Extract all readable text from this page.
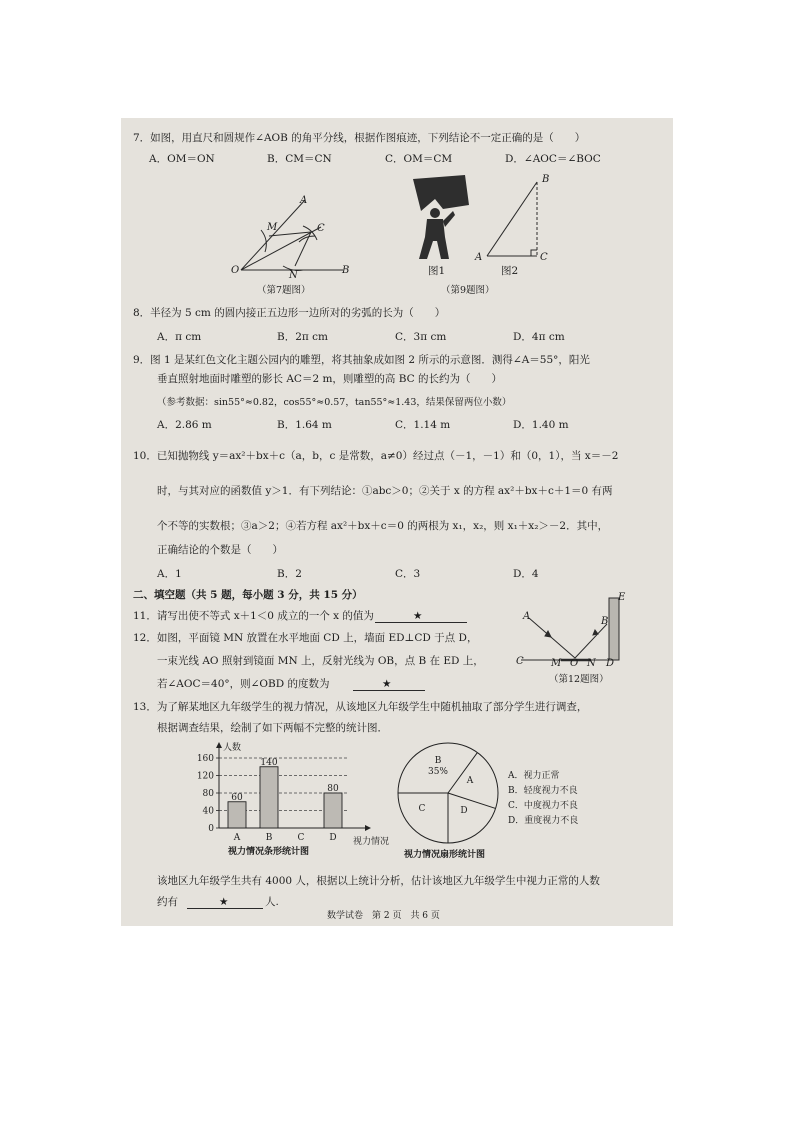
7．如图，用直尺和圆规作∠AOB 的角平分线，根据作图痕迹，下列结论不一定正确的是（　　）
A．OM＝ON	B．CM＝CN	C．OM＝CM	D．∠AOC＝∠BOC
A
M	C
O	N	B
（第7题图）
图1
B
A	C
图2
（第9题图）
8．半径为 5 cm 的圆内接正五边形一边所对的劣弧的长为（　　）
A．π cm	B．2π cm	C．3π cm	D．4π cm
9．图 1 是某红色文化主题公园内的雕塑，将其抽象成如图 2 所示的示意图．测得∠A＝55°，阳光
垂直照射地面时雕塑的影长 AC＝2 m，则雕塑的高 BC 的长约为（　　）
（参考数据：sin55°≈0.82，cos55°≈0.57，tan55°≈1.43，结果保留两位小数）
A．2.86 m	B．1.64 m	C．1.14 m	D．1.40 m
10．已知抛物线 y＝ax²＋bx＋c（a，b，c 是常数，a≠0）经过点（－1，－1）和（0，1），当 x＝－2
时，与其对应的函数值 y＞1．有下列结论：①abc＞0；②关于 x 的方程 ax²＋bx＋c＋1＝0 有两
个不等的实数根；③a＞2；④若方程 ax²＋bx＋c＝0 的两根为 x₁，x₂，则 x₁＋x₂＞－2．其中，
正确结论的个数是（　　）
A．1	B．2	C．3	D．4
二、填空题（共 5 题，每小题 3 分，共 15 分）
11．请写出使不等式 x＋1＜0 成立的一个 x 的值为	★
12．如图，平面镜 MN 放置在水平地面 CD 上，墙面 ED⊥CD 于点 D，
一束光线 AO 照射到镜面 MN 上，反射光线为 OB，点 B 在 ED 上，
若∠AOC＝40°，则∠OBD 的度数为	★
E
A	B
C	M O N D
（第12题图）
13．为了解某地区九年级学生的视力情况，从该地区九年级学生中随机抽取了部分学生进行调查，
根据调查结果，绘制了如下两幅不完整的统计图．
0
40
80
120
160
人数
视力情况
A
60
B
140
C	D
80
视力情况条形统计图
B
35%
A
D
C
视力情况扇形统计图
A．视力正常
B．轻度视力不良
C．中度视力不良
D．重度视力不良
该地区九年级学生共有 4000 人，根据以上统计分析，估计该地区九年级学生中视力正常的人数
约有	★	人.
数学试卷　第 2 页　共 6 页
